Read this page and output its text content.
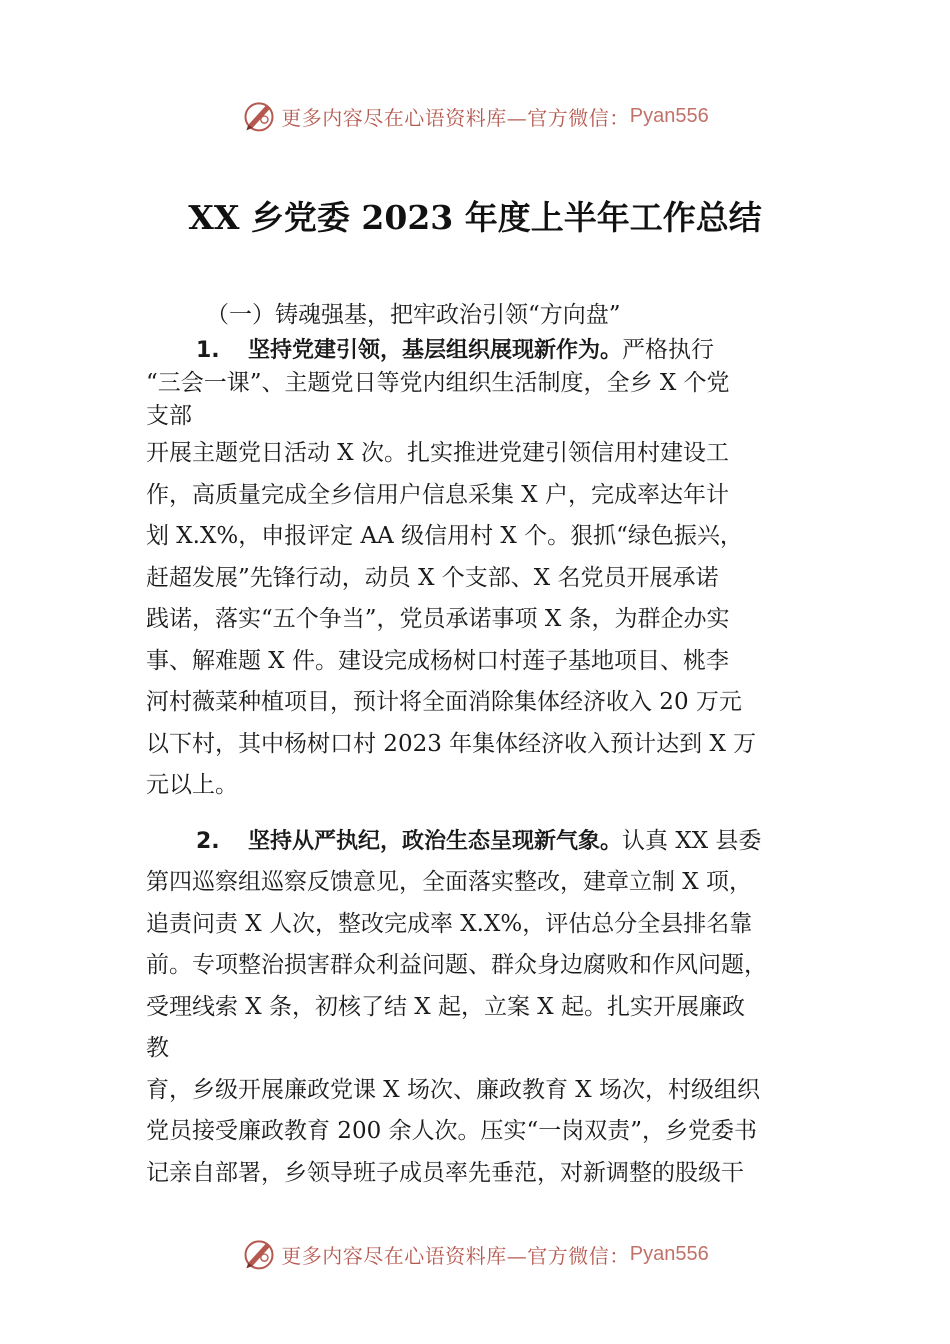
更多内容尽在心语资料库—官方微信： Pyan556
XX 乡党委 2023 年度上半年工作总结
（一）铸魂强基，把牢政治引领“方向盘”
1. 坚持党建引领，基层组织展现新作为。严格执行
“三会一课”、主题党日等党内组织生活制度，全乡 X 个党
支部
开展主题党日活动 X 次。扎实推进党建引领信用村建设工
作，高质量完成全乡信用户信息采集 X 户，完成率达年计
划 X.X%，申报评定 AA 级信用村 X 个。狠抓“绿色振兴，
赶超发展”先锋行动，动员 X 个支部、X 名党员开展承诺
践诺，落实“五个争当”，党员承诺事项 X 条，为群企办实
事、解难题 X 件。建设完成杨树口村莲子基地项目、桃李
河村薇菜种植项目，预计将全面消除集体经济收入 20 万元
以下村，其中杨树口村 2023 年集体经济收入预计达到 X 万
元以上。
2. 坚持从严执纪，政治生态呈现新气象。认真 XX 县委
第四巡察组巡察反馈意见，全面落实整改，建章立制 X 项，
追责问责 X 人次，整改完成率 X.X%，评估总分全县排名靠
前。专项整治损害群众利益问题、群众身边腐败和作风问题，
受理线索 X 条，初核了结 X 起，立案 X 起。扎实开展廉政
教
育，乡级开展廉政党课 X 场次、廉政教育 X 场次，村级组织
党员接受廉政教育 200 余人次。压实“一岗双责”，乡党委书
记亲自部署，乡领导班子成员率先垂范，对新调整的股级干
更多内容尽在心语资料库—官方微信： Pyan556
